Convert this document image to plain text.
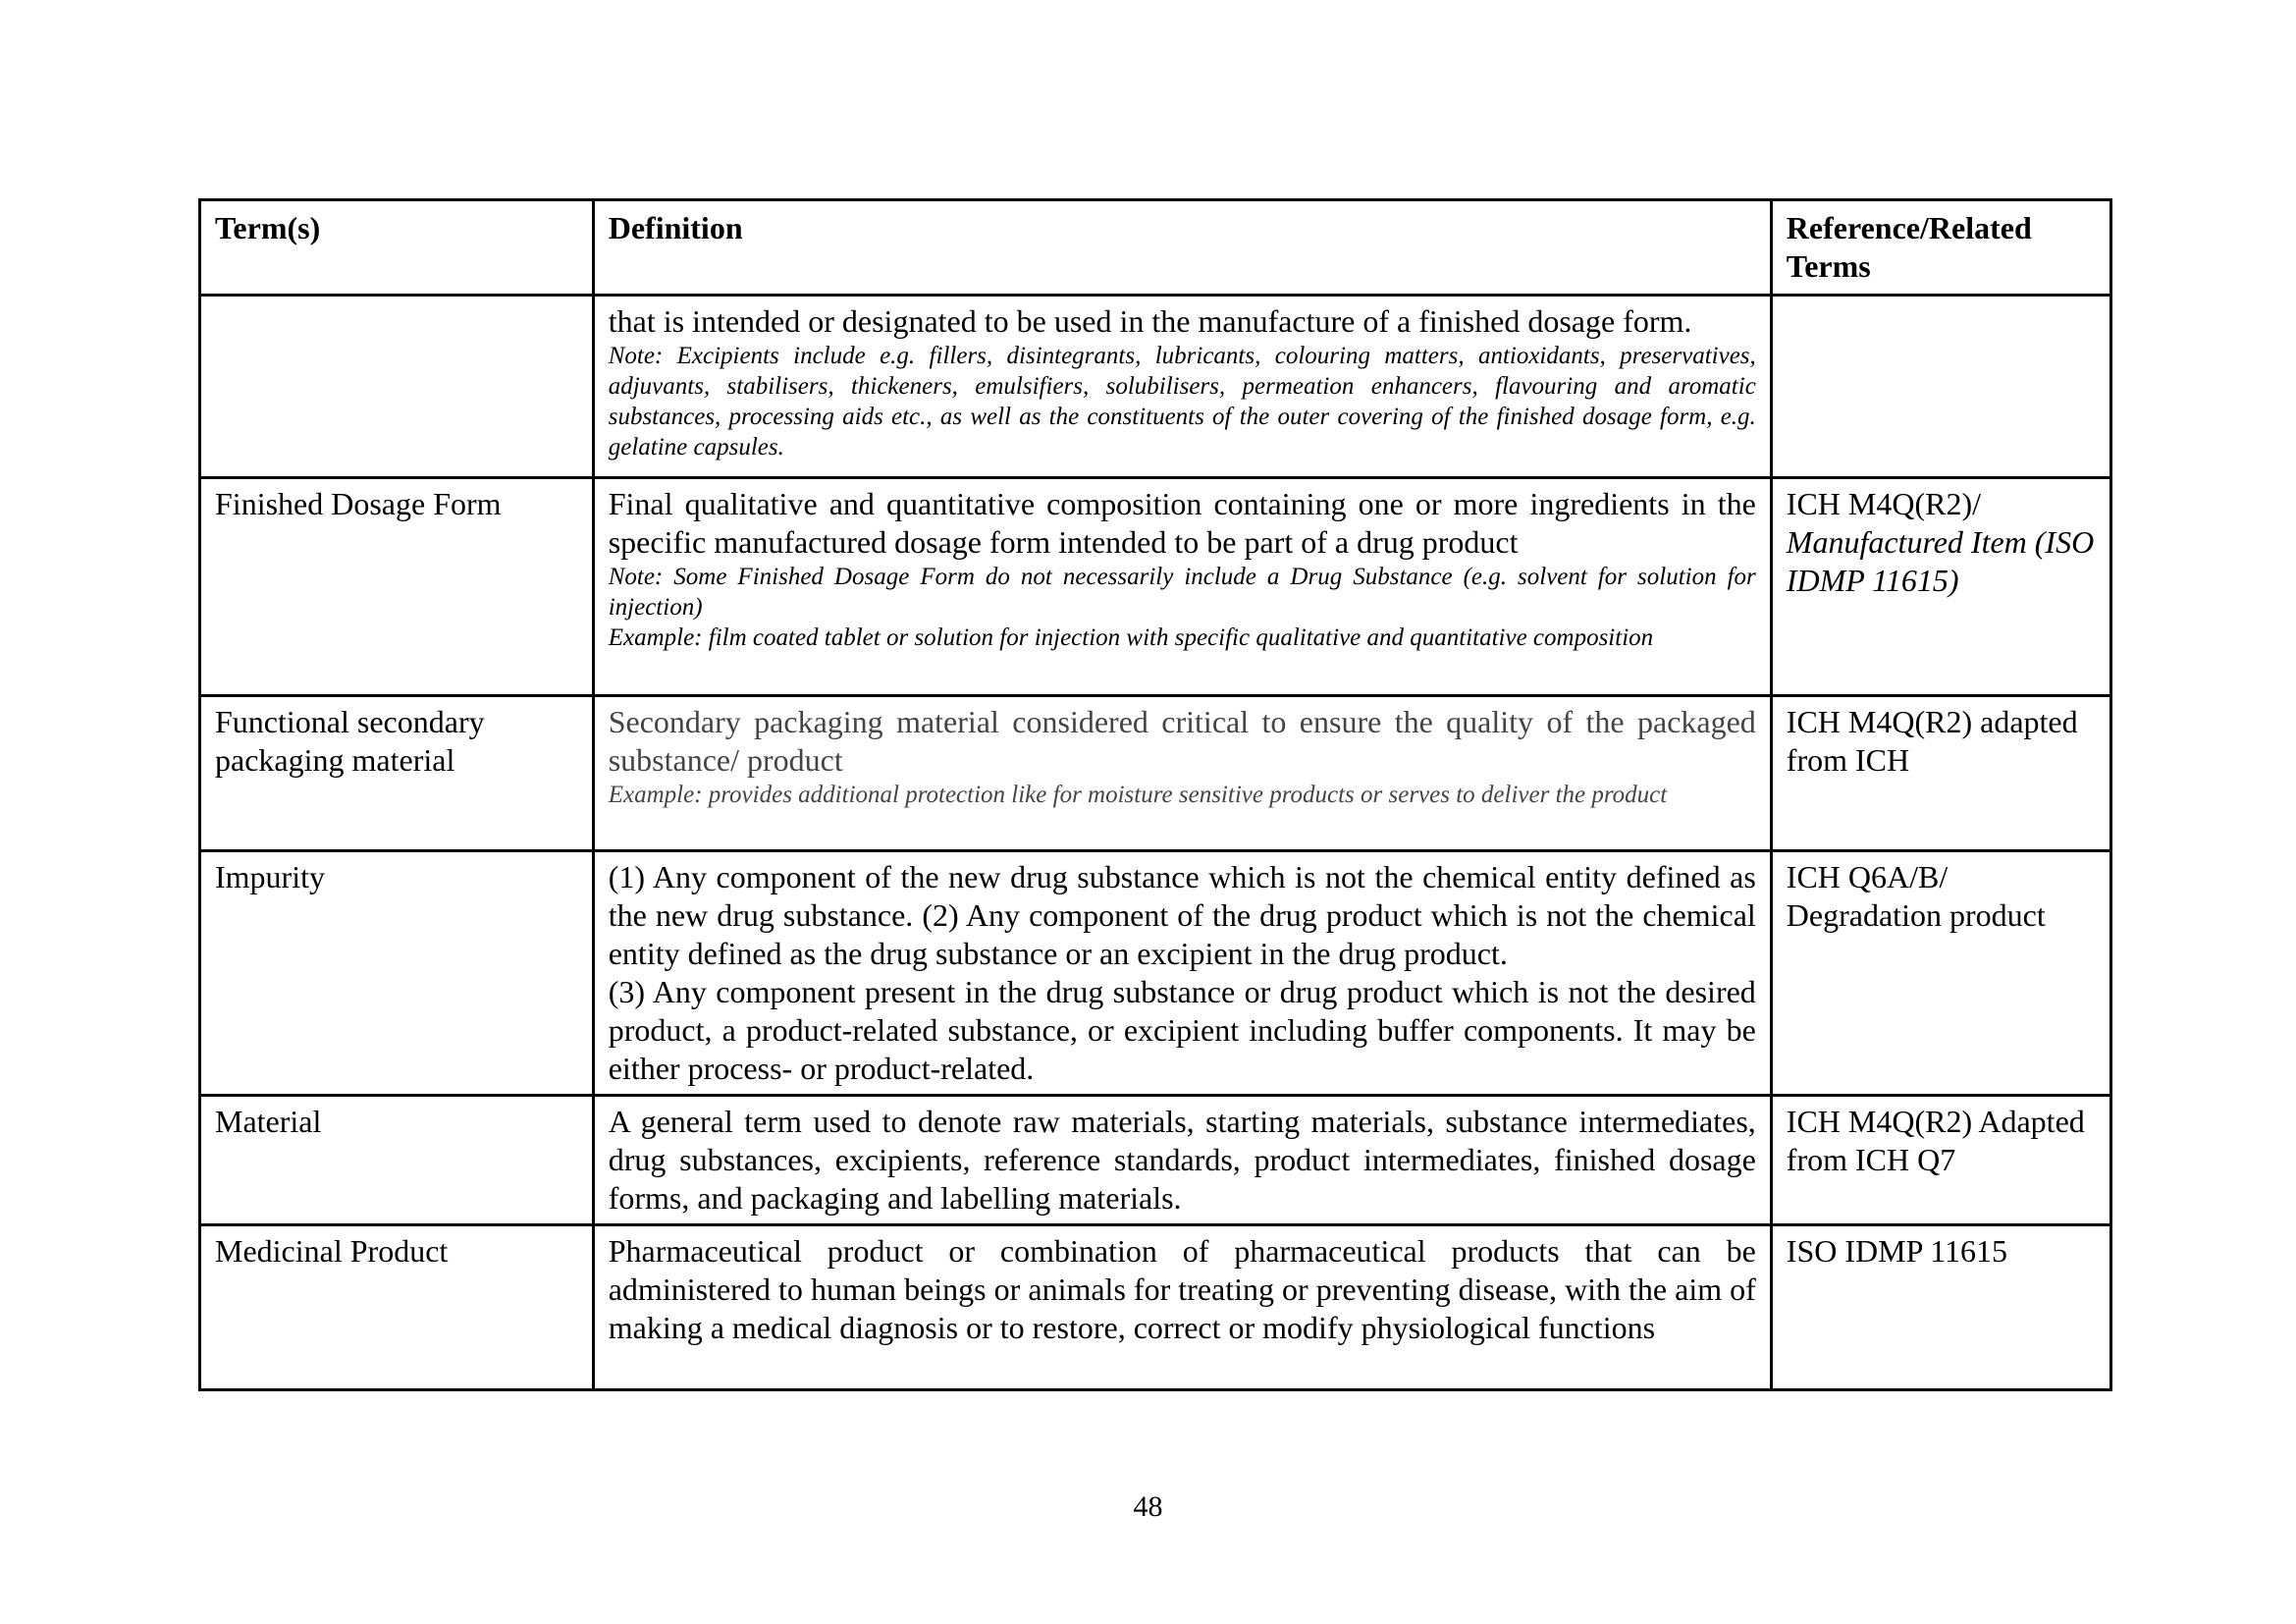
Term(s)	Definition	Reference/Related Terms

	that is intended or designated to be used in the manufacture of a finished dosage form.
Note: Excipients include e.g. fillers, disintegrants, lubricants, colouring matters, antioxidants, preservatives, adjuvants, stabilisers, thickeners, emulsifiers, solubilisers, permeation enhancers, flavouring and aromatic substances, processing aids etc., as well as the constituents of the outer covering of the finished dosage form, e.g. gelatine capsules.	

Finished Dosage Form	Final qualitative and quantitative composition containing one or more ingredients in the specific manufactured dosage form intended to be part of a drug product
Note: Some Finished Dosage Form do not necessarily include a Drug Substance (e.g. solvent for solution for injection)
Example: film coated tablet or solution for injection with specific qualitative and quantitative composition	ICH M4Q(R2)/ Manufactured Item (ISO IDMP 11615)
Functional secondary packaging material	Secondary packaging material considered critical to ensure the quality of the packaged substance/ product
Example: provides additional protection like for moisture sensitive products or serves to deliver the product	ICH M4Q(R2) adapted from ICH
Impurity	(1) Any component of the new drug substance which is not the chemical entity defined as the new drug substance. (2) Any component of the drug product which is not the chemical entity defined as the drug substance or an excipient in the drug product.
(3) Any component present in the drug substance or drug product which is not the desired product, a product-related substance, or excipient including buffer components. It may be either process- or product-related.	ICH Q6A/B/ Degradation product
Material	A general term used to denote raw materials, starting materials, substance intermediates, drug substances, excipients, reference standards, product intermediates, finished dosage forms, and packaging and labelling materials.	ICH M4Q(R2) Adapted from ICH Q7
Medicinal Product	Pharmaceutical product or combination of pharmaceutical products that can be administered to human beings or animals for treating or preventing disease, with the aim of making a medical diagnosis or to restore, correct or modify physiological functions	ISO IDMP 11615
48
